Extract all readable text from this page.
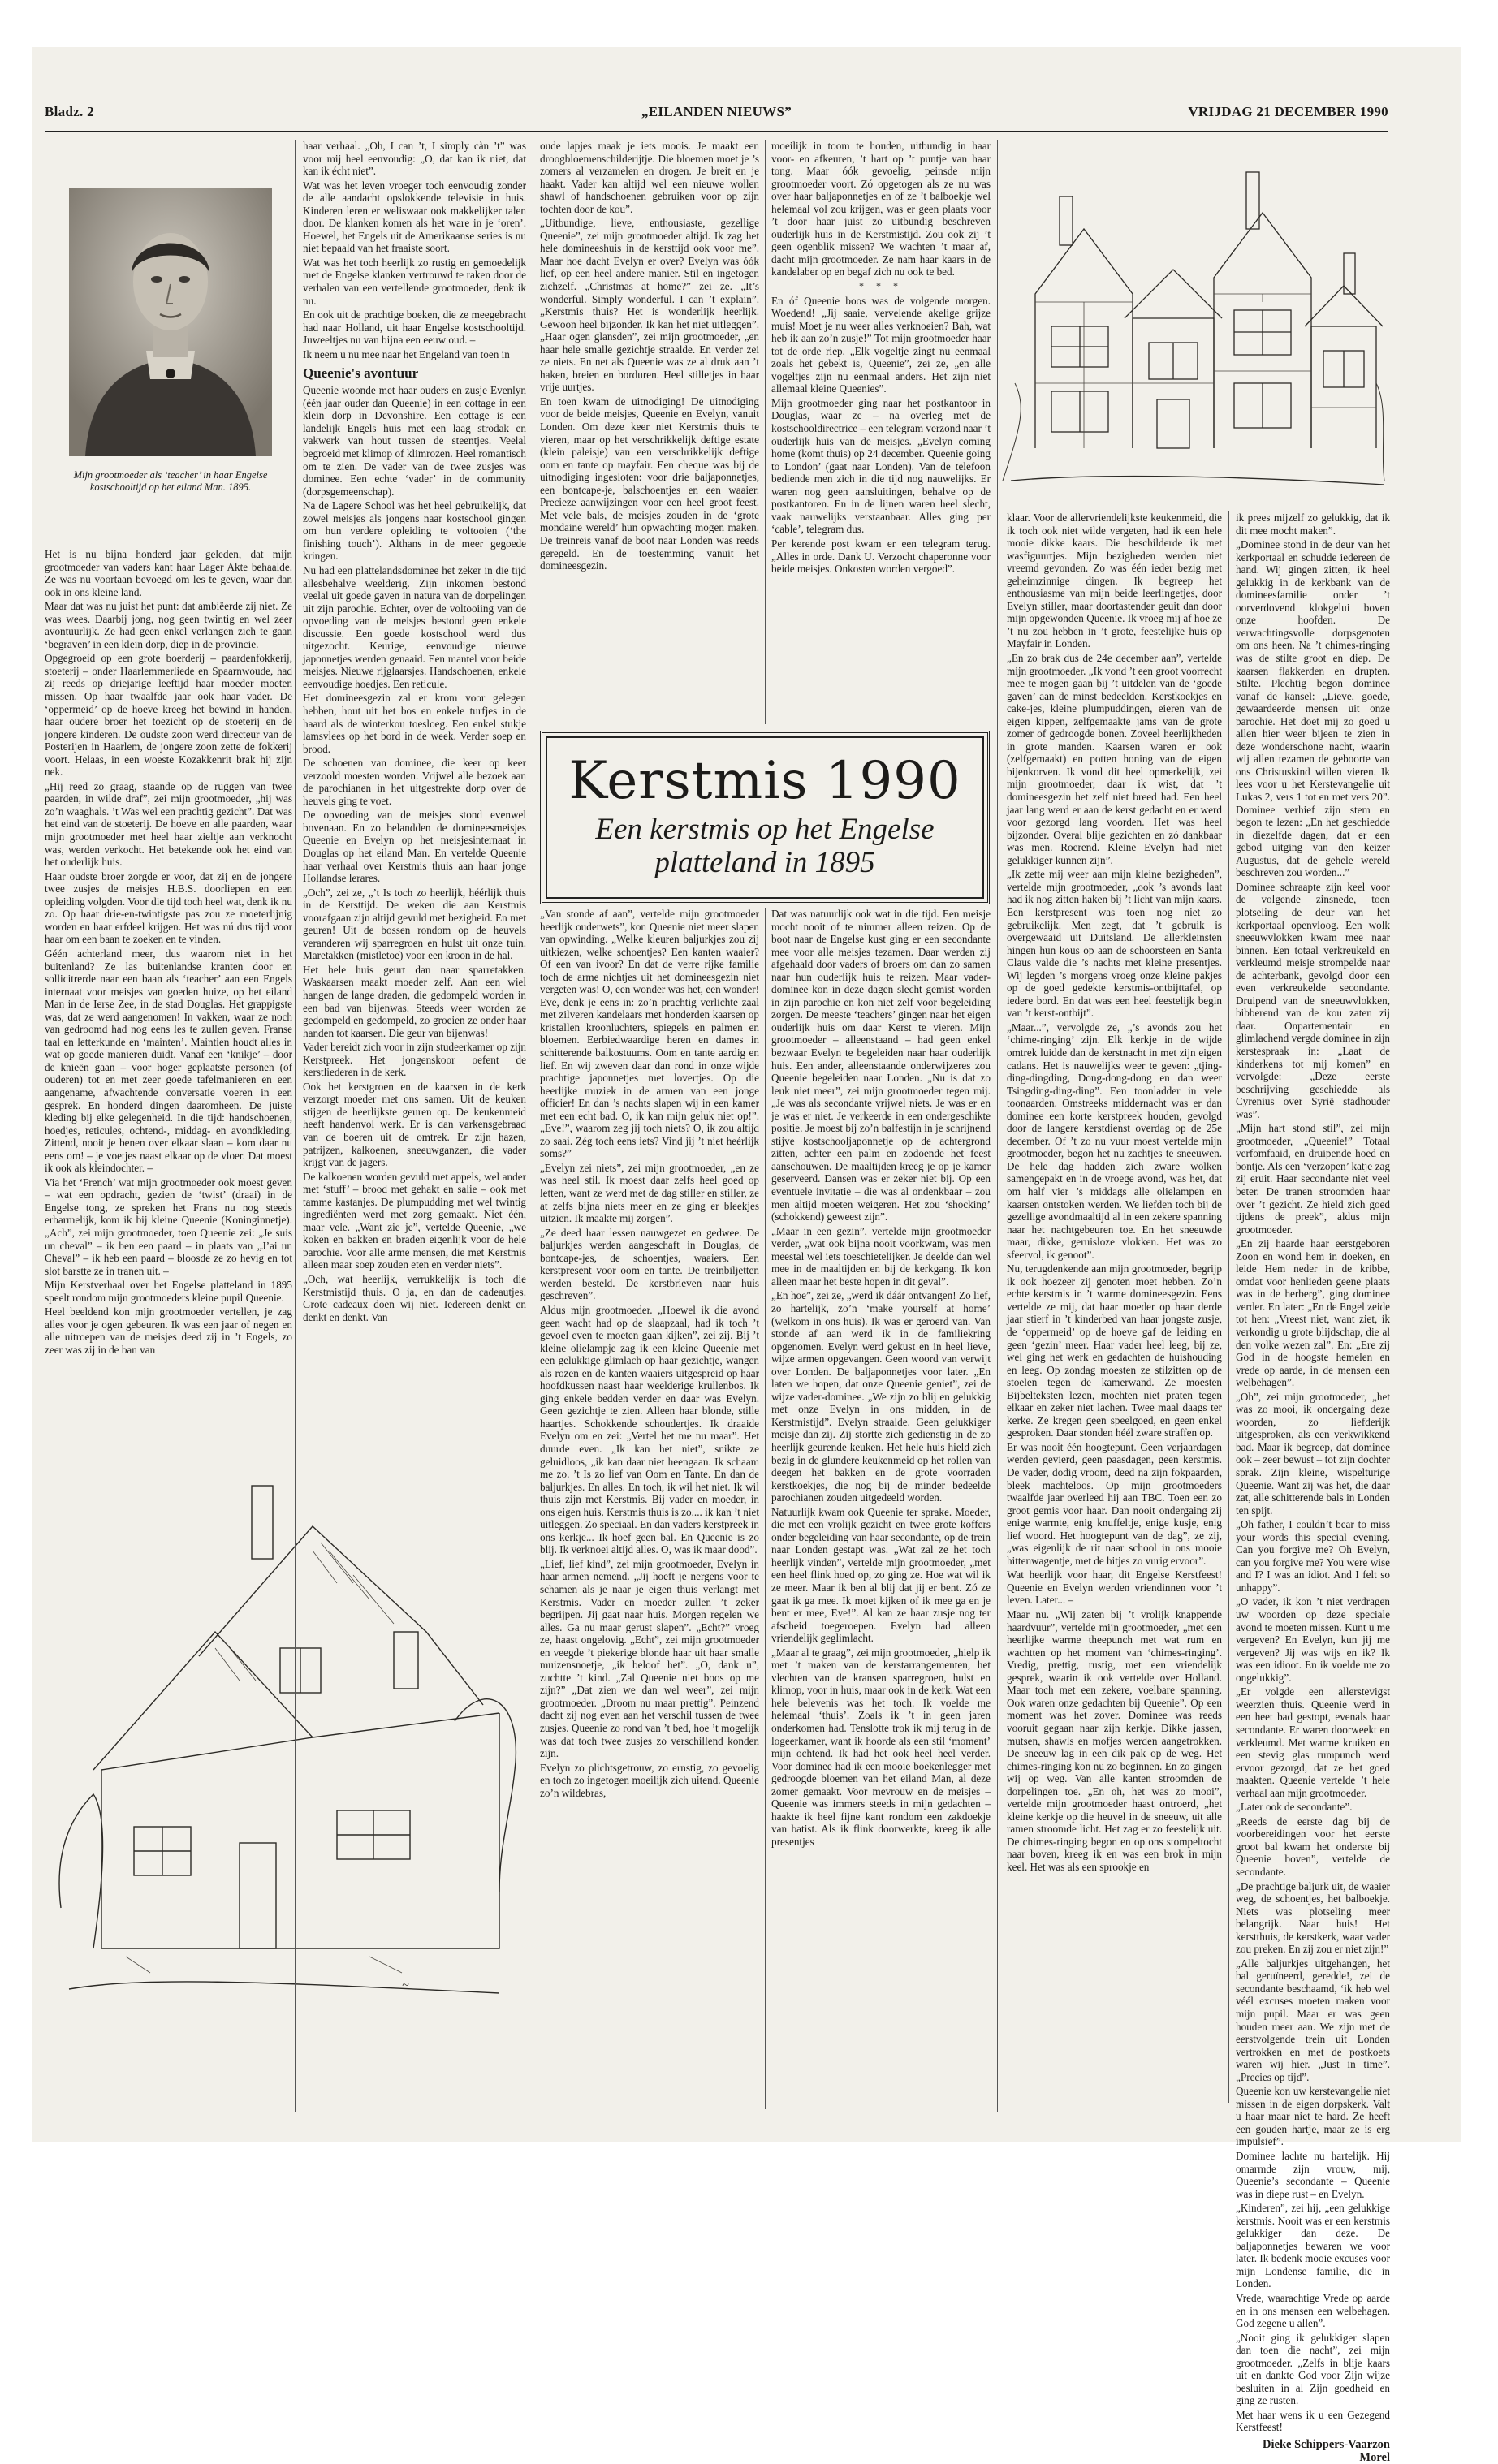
Bladz. 2	„EILANDEN NIEUWS”	VRIJDAG 21 DECEMBER 1990
Mijn grootmoeder als ‘teacher’ in haar Engelse kostschooltijd op het eiland Man. 1895.

Het is nu bijna honderd jaar geleden, dat mijn grootmoeder van vaders kant haar Lager Akte behaalde. Ze was nu voortaan bevoegd om les te geven, waar dan ook in ons kleine land.

Maar dat was nu juist het punt: dat ambiëerde zij niet. Ze was wees. Daarbij jong, nog geen twintig en wel zeer avontuurlijk. Ze had geen enkel verlangen zich te gaan ‘begraven’ in een klein dorp, diep in de provincie.

Opgegroeid op een grote boerderij – paardenfokkerij, stoeterij – onder Haarlemmerliede en Spaarnwoude, had zij reeds op driejarige leeftijd haar moeder moeten missen. Op haar twaalfde jaar ook haar vader. De ‘oppermeid’ op de hoeve kreeg het bewind in handen, haar oudere broer het toezicht op de stoeterij en de jongere kinderen. De oudste zoon werd directeur van de Posterijen in Haarlem, de jongere zoon zette de fokkerij voort. Helaas, in een woeste Kozakkenrit brak hij zijn nek.

„Hij reed zo graag, staande op de ruggen van twee paarden, in wilde draf”, zei mijn grootmoeder, „hij was zo’n waaghals. ’t Was wel een prachtig gezicht”. Dat was het eind van de stoeterij. De hoeve en alle paarden, waar mijn grootmoeder met heel haar zieltje aan verknocht was, werden verkocht. Het betekende ook het eind van het ouderlijk huis.

Haar oudste broer zorgde er voor, dat zij en de jongere twee zusjes de meisjes H.B.S. doorliepen en een opleiding volgden. Voor die tijd toch heel wat, denk ik nu zo. Op haar drie-en-twintigste pas zou ze moeterlijnig worden en haar erfdeel krijgen. Het was nú dus tijd voor haar om een baan te zoeken en te vinden.

Géén achterland meer, dus waarom niet in het buitenland? Ze las buitenlandse kranten door en sollicitrerde naar een baan als ‘teacher’ aan een Engels internaat voor meisjes van goeden huize, op het eiland Man in de Ierse Zee, in de stad Douglas. Het grappigste was, dat ze werd aangenomen! In vakken, waar ze noch van gedroomd had nog eens les te zullen geven. Franse taal en letterkunde en ‘mainten’. Maintien houdt alles in wat op goede manieren duidt. Vanaf een ‘knikje’ – door de knieën gaan – voor hoger geplaatste personen (of ouderen) tot en met zeer goede tafelmanieren en een aangename, afwachtende conversatie voeren in een gesprek. En honderd dingen daaromheen. De juiste kleding bij elke gelegenheid. In die tijd: handschoenen, hoedjes, reticules, ochtend-, middag- en avondkleding. Zittend, nooit je benen over elkaar slaan – kom daar nu eens om! – je voetjes naast elkaar op de vloer. Dat moest ik ook als kleindochter. –

Via het ‘French’ wat mijn grootmoeder ook moest geven – wat een opdracht, gezien de ‘twist’ (draai) in de Engelse tong, ze spreken het Frans nu nog steeds erbarmelijk, kom ik bij kleine Queenie (Koninginnetje). „Ach”, zei mijn grootmoeder, toen Queenie zei: „Je suis un cheval” – ik ben een paard – in plaats van „J’ai un Cheval” – ik heb een paard – bloosde ze zo hevig en tot slot barstte ze in tranen uit. –

Mijn Kerstverhaal over het Engelse platteland in 1895 speelt rondom mijn grootmoeders kleine pupil Queenie.

Heel beeldend kon mijn grootmoeder vertellen, je zag alles voor je ogen gebeuren. Ik was een jaar of negen en alle uitroepen van de meisjes deed zij in ’t Engels, zo zeer was zij in de ban van

~

haar verhaal. „Oh, I can ’t, I simply càn ’t” was voor mij heel eenvoudig: „O, dat kan ik niet, dat kan ik écht niet”.

Wat was het leven vroeger toch eenvoudig zonder de alle aandacht opslokkende televisie in huis. Kinderen leren er weliswaar ook makkelijker talen door. De klanken komen als het ware in je ‘oren’. Hoewel, het Engels uit de Amerikaanse series is nu niet bepaald van het fraaiste soort.

Wat was het toch heerlijk zo rustig en gemoedelijk met de Engelse klanken vertrouwd te raken door de verhalen van een vertellende grootmoeder, denk ik nu.

En ook uit de prachtige boeken, die ze meegebracht had naar Holland, uit haar Engelse kostschooltijd. Juweeltjes nu van bijna een eeuw oud. –

Ik neem u nu mee naar het Engeland van toen in

Queenie's avontuur

Queenie woonde met haar ouders en zusje Evenlyn (één jaar ouder dan Queenie) in een cottage in een klein dorp in Devonshire. Een cottage is een landelijk Engels huis met een laag strodak en vakwerk van hout tussen de steentjes. Veelal begroeid met klimop of klimrozen. Heel romantisch om te zien. De vader van de twee zusjes was dominee. Een echte ‘vader’ in de community (dorpsgemeenschap).

Na de Lagere School was het heel gebruikelijk, dat zowel meisjes als jongens naar kostschool gingen om hun verdere opleiding te voltooien (‘the finishing touch’). Althans in de meer gegoede kringen.

Nu had een plattelandsdominee het zeker in die tijd allesbehalve weelderig. Zijn inkomen bestond veelal uit goede gaven in natura van de dorpelingen uit zijn parochie. Echter, over de voltooiing van de opvoeding van de meisjes bestond geen enkele discussie. Een goede kostschool werd dus uitgezocht. Keurige, eenvoudige nieuwe japonnetjes werden genaaid. Een mantel voor beide meisjes. Nieuwe rijglaarsjes. Handschoenen, enkele eenvoudige hoedjes. Een reticule.

Het domineesgezin zal er krom voor gelegen hebben, hout uit het bos en enkele turfjes in de haard als de winterkou toesloeg. Een enkel stukje lamsvlees op het bord in de week. Verder soep en brood.

De schoenen van dominee, die keer op keer verzoold moesten worden. Vrijwel alle bezoek aan de parochianen in het uitgestrekte dorp over de heuvels ging te voet.

De opvoeding van de meisjes stond evenwel bovenaan. En zo belandden de domineesmeisjes Queenie en Evelyn op het meisjesinternaat in Douglas op het eiland Man. En vertelde Queenie haar verhaal over Kerstmis thuis aan haar jonge Hollandse lerares.

„Och”, zei ze, „’t Is toch zo heerlijk, héérlijk thuis in de Kersttijd. De weken die aan Kerstmis voorafgaan zijn altijd gevuld met bezigheid. En met geuren! Uit de bossen rondom op de heuvels veranderen wij sparregroen en hulst uit onze tuin. Maretakken (mistletoe) voor een kroon in de hal.

Het hele huis geurt dan naar sparretakken. Waskaarsen maakt moeder zelf. Aan een wiel hangen de lange draden, die gedompeld worden in een bad van bijenwas. Steeds weer worden ze gedompeld en gedompeld, zo groeien ze onder haar handen tot kaarsen. Die geur van bijenwas!

Vader bereidt zich voor in zijn studeerkamer op zijn Kerstpreek. Het jongenskoor oefent de kerstliederen in de kerk.

Ook het kerstgroen en de kaarsen in de kerk verzorgt moeder met ons samen. Uit de keuken stijgen de heerlijkste geuren op. De keukenmeid heeft handenvol werk. Er is dan varkensgebraad van de boeren uit de omtrek. Er zijn hazen, patrijzen, kalkoenen, sneeuwganzen, die vader krijgt van de jagers.

De kalkoenen worden gevuld met appels, wel ander met ‘stuff’ – brood met gehakt en salie – ook met tamme kastanjes. De plumpudding met wel twintig ingrediënten werd met zorg gemaakt. Niet één, maar vele. „Want zie je”, vertelde Queenie, „we koken en bakken en braden eigenlijk voor de hele parochie. Voor alle arme mensen, die met Kerstmis alleen maar soep zouden eten en verder niets”.

„Och, wat heerlijk, verrukkelijk is toch die Kerstmistijd thuis. O ja, en dan de cadeautjes. Grote cadeaux doen wij niet. Iedereen denkt en denkt en denkt. Van

oude lapjes maak je iets moois. Je maakt een droogbloemenschilderijtje. Die bloemen moet je ’s zomers al verzamelen en drogen. Je breit en je haakt. Vader kan altijd wel een nieuwe wollen shawl of handschoenen gebruiken voor op zijn tochten door de kou”.

„Uitbundige, lieve, enthousiaste, gezellige Queenie”, zei mijn grootmoeder altijd. Ik zag het hele domineeshuis in de kersttijd ook voor me”. Maar hoe dacht Evelyn er over? Evelyn was óók lief, op een heel andere manier. Stil en ingetogen zichzelf. „Christmas at home?” zei ze. „It’s wonderful. Simply wonderful. I can ’t explain”. „Kerstmis thuis? Het is wonderlijk heerlijk. Gewoon heel bijzonder. Ik kan het niet uitleggen”. „Haar ogen glansden”, zei mijn grootmoeder, „en haar hele smalle gezichtje straalde. En verder zei ze niets. En net als Queenie was ze al druk aan ’t haken, breien en borduren. Heel stilletjes in haar vrije uurtjes.

En toen kwam de uitnodiging! De uitnodiging voor de beide meisjes, Queenie en Evelyn, vanuit Londen. Om deze keer niet Kerstmis thuis te vieren, maar op het verschrikkelijk deftige estate (klein paleisje) van een verschrikkelijk deftige oom en tante op mayfair. Een cheque was bij de uitnodiging ingesloten: voor drie baljaponnetjes, een bontcape-je, balschoentjes en een waaier. Precieze aanwijzingen voor een heel groot feest. Met vele bals, de meisjes zouden in de ‘grote mondaine wereld’ hun opwachting mogen maken. De treinreis vanaf de boot naar Londen was reeds geregeld. En de toestemming vanuit het domineesgezin.

moeilijk in toom te houden, uitbundig in haar voor- en afkeuren, ’t hart op ’t puntje van haar tong. Maar óók gevoelig, peinsde mijn grootmoeder voort. Zó opgetogen als ze nu was over haar baljaponnetjes en of ze ’t balboekje wel helemaal vol zou krijgen, was er geen plaats voor ’t door haar juist zo uitbundig beschreven ouderlijk huis in de Kerstmistijd. Zou ook zij ’t geen ogenblik missen? We wachten ’t maar af, dacht mijn grootmoeder. Ze nam haar kaars in de kandelaber op en begaf zich nu ook te bed.

* * *

En óf Queenie boos was de volgende morgen. Woedend! „Jij saaie, vervelende akelige grijze muis! Moet je nu weer alles verknoeien? Bah, wat heb ik aan zo’n zusje!” Tot mijn grootmoeder haar tot de orde riep. „Elk vogeltje zingt nu eenmaal zoals het gebekt is, Queenie”, zei ze, „en alle vogeltjes zijn nu eenmaal anders. Het zijn niet allemaal kleine Queenies”.

Mijn grootmoeder ging naar het postkantoor in Douglas, waar ze – na overleg met de kostschooldirectrice – een telegram verzond naar ’t ouderlijk huis van de meisjes. „Evelyn coming home (komt thuis) op 24 december. Queenie going to London’ (gaat naar Londen). Van de telefoon bediende men zich in die tijd nog nauwelijks. Er waren nog geen aansluitingen, behalve op de postkantoren. En in de lijnen waren heel slecht, vaak nauwelijks verstaanbaar. Alles ging per ‘cable’, telegram dus.

Per kerende post kwam er een telegram terug. „Alles in orde. Dank U. Verzocht chaperonne voor beide meisjes. Onkosten worden vergoed”.

Kerstmis 1990
Een kerstmis op het Engelse platteland in 1895

„Van stonde af aan”, vertelde mijn grootmoeder heerlijk ouderwets”, kon Queenie niet meer slapen van opwinding. „Welke kleuren baljurkjes zou zij uitkiezen, welke schoentjes? Een kanten waaier? Of een van ivoor? En dat de verre rijke familie toch de arme nichtjes uit het domineesgezin niet vergeten was! O, een wonder was het, een wonder! Eve, denk je eens in: zo’n prachtig verlichte zaal met zilveren kandelaars met honderden kaarsen op kristallen kroonluchters, spiegels en palmen en bloemen. Eerbiedwaardige heren en dames in schitterende balkostuums. Oom en tante aardig en lief. En wij zweven daar dan rond in onze wijde prachtige japonnetjes met lovertjes. Op die heerlijke muziek in de armen van een jonge officier! En dan ’s nachts slapen wij in een kamer met een echt bad. O, ik kan mijn geluk niet op!”. „Eve!”, waarom zeg jij toch niets? O, ik zou altijd zo saai. Zég toch eens iets? Vind jij ’t niet heérlijk soms?”

„Evelyn zei niets”, zei mijn grootmoeder, „en ze was heel stil. Ik moest daar zelfs heel goed op letten, want ze werd met de dag stiller en stiller, ze at zelfs bijna niets meer en ze ging er bleekjes uitzien. Ik maakte mij zorgen”.

„Ze deed haar lessen nauwgezet en gedwee. De baljurkjes werden aangeschaft in Douglas, de bontcape-jes, de schoentjes, waaiers. Een kerstpresent voor oom en tante. De treinbiljetten werden besteld. De kerstbrieven naar huis geschreven”.

Aldus mijn grootmoeder. „Hoewel ik die avond geen wacht had op de slaapzaal, had ik toch ’t gevoel even te moeten gaan kijken”, zei zij. Bij ’t kleine olielampje zag ik een kleine Queenie met een gelukkige glimlach op haar gezichtje, wangen als rozen en de kanten waaiers uitgespreid op haar hoofdkussen naast haar weelderige krullenbos. Ik ging enkele bedden verder en daar was Evelyn. Geen gezichtje te zien. Alleen haar blonde, stille haartjes. Schokkende schoudertjes. Ik draaide Evelyn om en zei: „Vertel het me nu maar”. Het duurde even. „Ik kan het niet”, snikte ze geluidloos, „ik kan daar niet heengaan. Ik schaam me zo. ’t Is zo lief van Oom en Tante. En dan de baljurkjes. En alles. En toch, ik wil het niet. Ik wil thuis zijn met Kerstmis. Bij vader en moeder, in ons eigen huis. Kerstmis thuis is zo.... ik kan ’t niet uitleggen. Zo speciaal. En dan vaders kerstpreek in ons kerkje... Ik hoef geen bal. En Queenie is zo blij. Ik verknoei altijd alles. O, was ik maar dood”.

„Lief, lief kind”, zei mijn grootmoeder, Evelyn in haar armen nemend. „Jij hoeft je nergens voor te schamen als je naar je eigen thuis verlangt met Kerstmis. Vader en moeder zullen ’t zeker begrijpen. Jij gaat naar huis. Morgen regelen we alles. Ga nu maar gerust slapen”. „Echt?” vroeg ze, haast ongelovig. „Echt”, zei mijn grootmoeder en veegde ’t piekerige blonde haar uit haar smalle muizensnoetje, „ik beloof het”. „O, dank u”, zuchtte ’t kind. „Zal Queenie niet boos op me zijn?” „Dat zien we dan wel weer”, zei mijn grootmoeder. „Droom nu maar prettig”. Peinzend dacht zij nog even aan het verschil tussen de twee zusjes. Queenie zo rond van ’t bed, hoe ’t mogelijk was dat toch twee zusjes zo verschillend konden zijn.

Evelyn zo plichtsgetrouw, zo ernstig, zo gevoelig en toch zo ingetogen moeilijk zich uitend. Queenie zo’n wildebras,

Dat was natuurlijk ook wat in die tijd. Een meisje mocht nooit of te nimmer alleen reizen. Op de boot naar de Engelse kust ging er een secondante mee voor alle meisjes tezamen. Daar werden zij afgehaald door vaders of broers om dan zo samen naar hun ouderlijk huis te reizen. Maar vader-dominee kon in deze dagen slecht gemist worden in zijn parochie en kon niet zelf voor begeleiding zorgen. De meeste ‘teachers’ gingen naar het eigen ouderlijk huis om daar Kerst te vieren. Mijn grootmoeder – alleenstaand – had geen enkel bezwaar Evelyn te begeleiden naar haar ouderlijk huis. Een ander, alleenstaande onderwijzeres zou Queenie begeleiden naar Londen. „Nu is dat zo leuk niet meer”, zei mijn grootmoeder tegen mij. „Je was als secondante vrijwel niets. Je was er en je was er niet. Je verkeerde in een ondergeschikte positie. Je moest bij zo’n balfestijn in je schrijnend stijve kostschooljaponnetje op de achtergrond zitten, achter een palm en zodoende het feest aanschouwen. De maaltijden kreeg je op je kamer geserveerd. Dansen was er zeker niet bij. Op een eventuele invitatie – die was al ondenkbaar – zou men altijd moeten weigeren. Het zou ‘shocking’ (schokkend) geweest zijn”.

„Maar in een gezin”, vertelde mijn grootmoeder verder, „wat ook bijna nooit voorkwam, was men meestal wel iets toeschietelijker. Je deelde dan wel mee in de maaltijden en bij de kerkgang. Ik kon alleen maar het beste hopen in dit geval”.

„En hoe”, zei ze, „werd ik dáár ontvangen! Zo lief, zo hartelijk, zo’n ‘make yourself at home’ (welkom in ons huis). Ik was er geroerd van. Van stonde af aan werd ik in de familiekring opgenomen. Evelyn werd gekust en in heel lieve, wijze armen opgevangen. Geen woord van verwijt over Londen. De baljaponnetjes voor later. „En laten we hopen, dat onze Queenie geniet”, zei de wijze vader-dominee. „We zijn zo blij en gelukkig met onze Evelyn in ons midden, in de Kerstmistijd”. Evelyn straalde. Geen gelukkiger meisje dan zij. Zij stortte zich gedienstig in de zo heerlijk geurende keuken. Het hele huis hield zich bezig in de glundere keukenmeid op het rollen van deegen het bakken en de grote voorraden kerstkoekjes, die nog bij de minder bedeelde parochianen zouden uitgedeeld worden.

Natuurlijk kwam ook Queenie ter sprake. Moeder, die met een vrolijk gezicht en twee grote koffers onder begeleiding van haar secondante, op de trein naar Londen gestapt was. „Wat zal ze het toch heerlijk vinden”, vertelde mijn grootmoeder, „met een heel flink hoed op, zo ging ze. Hoe wat wil ik ze meer. Maar ik ben al blij dat jij er bent. Zó ze gaat ik ga mee. Ik moet kijken of ik mee ga en je bent er mee, Eve!”. Al kan ze haar zusje nog ter afscheid toegeroepen. Evelyn had alleen vriendelijk geglimlacht.

„Maar al te graag”, zei mijn grootmoeder, „hielp ik met ’t maken van de kerstarrangementen, het vlechten van de kransen sparregroen, hulst en klimop, voor in huis, maar ook in de kerk. Wat een hele belevenis was het toch. Ik voelde me helemaal ‘thuis’. Zoals ik ’t in geen jaren onderkomen had. Tenslotte trok ik mij terug in de logeerkamer, want ik hoorde als een stil ‘moment’ mijn ochtend. Ik had het ook heel heel verder. Voor dominee had ik een mooie boekenlegger met gedroogde bloemen van het eiland Man, al deze zomer gemaakt. Voor mevrouw en de meisjes – Queenie was immers steeds in mijn gedachten – haakte ik heel fijne kant rondom een zakdoekje van batist. Als ik flink doorwerkte, kreeg ik alle presentjes

klaar. Voor de allervriendelijkste keukenmeid, die ik toch ook niet wilde vergeten, had ik een hele mooie dikke kaars. Die beschilderde ik met wasfiguurtjes. Mijn bezigheden werden niet vreemd gevonden. Zo was één ieder bezig met geheimzinnige dingen. Ik begreep het enthousiasme van mijn beide leerlingetjes, door Evelyn stiller, maar doortastender geuit dan door mijn opgewonden Queenie. Ik vroeg mij af hoe ze ’t nu zou hebben in ’t grote, feestelijke huis op Mayfair in Londen.

„En zo brak dus de 24e december aan”, vertelde mijn grootmoeder. „Ik vond ’t een groot voorrecht mee te mogen gaan bij ’t uitdelen van de ‘goede gaven’ aan de minst bedeelden. Kerstkoekjes en cake-jes, kleine plumpuddingen, eieren van de eigen kippen, zelfgemaakte jams van de grote zomer of gedroogde bonen. Zoveel heerlijkheden in grote manden. Kaarsen waren er ook (zelfgemaakt) en potten honing van de eigen bijenkorven. Ik vond dit heel opmerkelijk, zei mijn grootmoeder, daar ik wist, dat ’t domineesgezin het zelf niet breed had. Een heel jaar lang werd er aan de kerst gedacht en er werd voor gezorgd lang voorden. Het was heel bijzonder. Overal blije gezichten en zó dankbaar was men. Roerend. Kleine Evelyn had niet gelukkiger kunnen zijn”.

„Ik zette mij weer aan mijn kleine bezigheden”, vertelde mijn grootmoeder, „ook ’s avonds laat had ik nog zitten haken bij ’t licht van mijn kaars. Een kerstpresent was toen nog niet zo gebruikelijk. Men zegt, dat ’t gebruik is overgewaaid uit Duitsland. De allerkleinsten hingen hun kous op aan de schoorsteen en Santa Claus valde die ’s nachts met kleine presentjes. Wij legden ’s morgens vroeg onze kleine pakjes op de goed gedekte kerstmis-ontbijttafel, op iedere bord. En dat was een heel feestelijk begin van ’t kerst-ontbijt”.

„Maar...”, vervolgde ze, „’s avonds zou het ‘chime-ringing’ zijn. Elk kerkje in de wijde omtrek luidde dan de kerstnacht in met zijn eigen cadans. Het is nauwelijks weer te geven: „tjing-ding-dingding, Dong-dong-dong en dan weer Tsingding-ding-ding”. Een toonladder in vele toonaarden. Omstreeks middernacht was er dan dominee een korte kerstpreek houden, gevolgd door de langere kerstdienst overdag op de 25e december. Of ’t zo nu vuur moest vertelde mijn grootmoeder, begon het nu zachtjes te sneeuwen. De hele dag hadden zich zware wolken samengepakt en in de vroege avond, was het, dat om half vier ’s middags alle olielampen en kaarsen ontstoken werden. We liefden toch bij de gezellige avondmaaltijd al in een zekere spanning naar het nachtgebeuren toe. En het sneeuwde maar, dikke, geruisloze vlokken. Het was zo sfeervol, ik genoot”.

Nu, terugdenkende aan mijn grootmoeder, begrijp ik ook hoezeer zij genoten moet hebben. Zo’n echte kerstmis in ’t warme domineesgezin. Eens vertelde ze mij, dat haar moeder op haar derde jaar stierf in ’t kinderbed van haar jongste zusje, de ‘oppermeid’ op de hoeve gaf de leiding en geen ‘gezin’ meer. Haar vader heel leeg, bij ze, wel ging het werk en gedachten de huishouding en leeg. Op zondag moesten ze stilzitten op de stoelen tegen de kamerwand. Ze moesten Bijbelteksten lezen, mochten niet praten tegen elkaar en zeker niet lachen. Twee maal daags ter kerke. Ze kregen geen speelgoed, en geen enkel gesproken. Daar stonden héél zware straffen op.

Er was nooit één hoogtepunt. Geen verjaardagen werden gevierd, geen paasdagen, geen kerstmis. De vader, dodig vroom, deed na zijn fokpaarden, bleek machteloos. Op mijn grootmoeders twaalfde jaar overleed hij aan TBC. Toen een zo groot gemis voor haar. Dan nooit ondergaing zij enige warmte, enig knuffeltje, enige kusje, enig lief woord. Het hoogtepunt van de dag”, ze zij, „was eigenlijk de rit naar school in ons mooie hittenwagentje, met de hitjes zo vurig ervoor”.

Wat heerlijk voor haar, dit Engelse Kerstfeest! Queenie en Evelyn werden vriendinnen voor ’t leven. Later... –

Maar nu. „Wij zaten bij ’t vrolijk knappende haardvuur”, vertelde mijn grootmoeder, „met een heerlijke warme theepunch met wat rum en wachtten op het moment van ‘chimes-ringing’. Vredig, prettig, rustig, met een vriendelijk gesprek, waarin ik ook vertelde over Holland. Maar toch met een zekere, voelbare spanning. Ook waren onze gedachten bij Queenie”. Op een moment was het zover. Dominee was reeds vooruit gegaan naar zijn kerkje. Dikke jassen, mutsen, shawls en mofjes werden aangetrokken. De sneeuw lag in een dik pak op de weg. Het chimes-ringing kon nu zo beginnen. En zo gingen wij op weg. Van alle kanten stroomden de dorpelingen toe. „En oh, het was zo mooi”, vertelde mijn grootmoeder haast ontroerd, „het kleine kerkje op die heuvel in de sneeuw, uit alle ramen stroomde licht. Het zag er zo feestelijk uit. De chimes-ringing begon en op ons stompeltocht naar boven, kreeg ik en was een brok in mijn keel. Het was als een sprookje en

ik prees mijzelf zo gelukkig, dat ik dit mee mocht maken”.

„Dominee stond in de deur van het kerkportaal en schudde iedereen de hand. Wij gingen zitten, ik heel gelukkig in de kerkbank van de domineesfamilie onder ’t oorverdovend klokgelui boven onze hoofden. De verwachtingsvolle dorpsgenoten om ons heen. Na ’t chimes-ringing was de stilte groot en diep. De kaarsen flakkerden en drupten. Stilte. Plechtig begon dominee vanaf de kansel: „Lieve, goede, gewaardeerde mensen uit onze parochie. Het doet mij zo goed u allen hier weer bijeen te zien in deze wonderschone nacht, waarin wij allen tezamen de geboorte van ons Christuskind willen vieren. Ik lees voor u het Kerstevangelie uit Lukas 2, vers 1 tot en met vers 20”. Dominee verhief zijn stem en begon te lezen: „En het geschiedde in diezelfde dagen, dat er een gebod uitging van den keizer Augustus, dat de gehele wereld beschreven zou worden...”

Dominee schraapte zijn keel voor de volgende zinsnede, toen plotseling de deur van het kerkportaal openvloog. Een wolk sneeuwvlokken kwam mee naar binnen. Een totaal verkreukeld en verkleumd meisje strompelde naar de achterbank, gevolgd door een even verkreukelde secondante. Druipend van de sneeuwvlokken, bibberend van de kou zaten zij daar. Onpartementair en glimlachend vergde dominee in zijn kerstespraak in: „Laat de kinderkens tot mij komen” en vervolgde: „Deze eerste beschrijving geschiedde als Cyrenius over Syrië stadhouder was”.

„Mijn hart stond stil”, zei mijn grootmoeder, „Queenie!” Totaal verfomfaaid, en druipende hoed en bontje. Als een ‘verzopen’ katje zag zij eruit. Haar secondante niet veel beter. De tranen stroomden haar over ’t gezicht. Ze hield zich goed tijdens de preek”, aldus mijn grootmoeder.

„En zij haarde haar eerstgeboren Zoon en wond hem in doeken, en leide Hem neder in de kribbe, omdat voor henlieden geene plaats was in de herberg”, ging dominee verder. En later: „En de Engel zeide tot hen: „Vreest niet, want ziet, ik verkondig u grote blijdschap, die al den volke wezen zal”. En: „Ere zij God in de hoogste hemelen en vrede op aarde, in de mensen een welbehagen”.

„Oh”, zei mijn grootmoeder, „het was zo mooi, ik ondergaing deze woorden, zo liefderijk uitgesproken, als een verkwikkend bad. Maar ik begreep, dat dominee ook – zeer bewust – tot zijn dochter sprak. Zijn kleine, wispelturige Queenie. Want zij was het, die daar zat, alle schitterende bals in Londen ten spijt.

„Oh father, I couldn’t bear to miss your words this special evening. Can you forgive me? Oh Evelyn, can you forgive me? You were wise and I? I was an idiot. And I felt so unhappy”.

„O vader, ik kon ’t niet verdragen uw woorden op deze speciale avond te moeten missen. Kunt u me vergeven? En Evelyn, kun jij me vergeven? Jij was wijs en ik? Ik was een idioot. En ik voelde me zo ongelukkig”.

„Er volgde een allerstevigst weerzien thuis. Queenie werd in een heet bad gestopt, evenals haar secondante. Er waren doorweekt en verkleumd. Met warme kruiken en een stevig glas rumpunch werd ervoor gezorgd, dat ze het goed maakten. Queenie vertelde ’t hele verhaal aan mijn grootmoeder.

„Later ook de secondante”.

„Reeds de eerste dag bij de voorbereidingen voor het eerste groot bal kwam het onderste bij Queenie boven”, vertelde de secondante.

„De prachtige baljurk uit, de waaier weg, de schoentjes, het balboekje. Niets was plotseling meer belangrijk. Naar huis! Het kerstthuis, de kerstkerk, waar vader zou preken. En zij zou er niet zijn!”

„Alle baljurkjes uitgehangen, het bal geruïneerd, geredde!, zei de secondante beschaamd, ‘ik heb wel véél excuses moeten maken voor mijn pupil. Maar er was geen houden meer aan. We zijn met de eerstvolgende trein uit Londen vertrokken en met de postkoets waren wij hier. „Just in time”. „Precies op tijd”.

Queenie kon uw kerstevangelie niet missen in de eigen dorpskerk. Valt u haar maar niet te hard. Ze heeft een gouden hartje, maar ze is erg impulsief”.

Dominee lachte nu hartelijk. Hij omarmde zijn vrouw, mij, Queenie’s secondante – Queenie was in diepe rust – en Evelyn.

„Kinderen”, zei hij, „een gelukkige kerstmis. Nooit was er een kerstmis gelukkiger dan deze. De baljaponnetjes bewaren we voor later. Ik bedenk mooie excuses voor mijn Londense familie, die in Londen.

Vrede, waarachtige Vrede op aarde en in ons mensen een welbehagen. God zegene u allen”.

„Nooit ging ik gelukkiger slapen dan toen die nacht”, zei mijn grootmoeder. „Zelfs in blije kaars uit en dankte God voor Zijn wijze besluiten in al Zijn goedheid en ging ze rusten.

Met haar wens ik u een Gezegend Kerstfeest!

Dieke Schippers-Vaarzon Morel
